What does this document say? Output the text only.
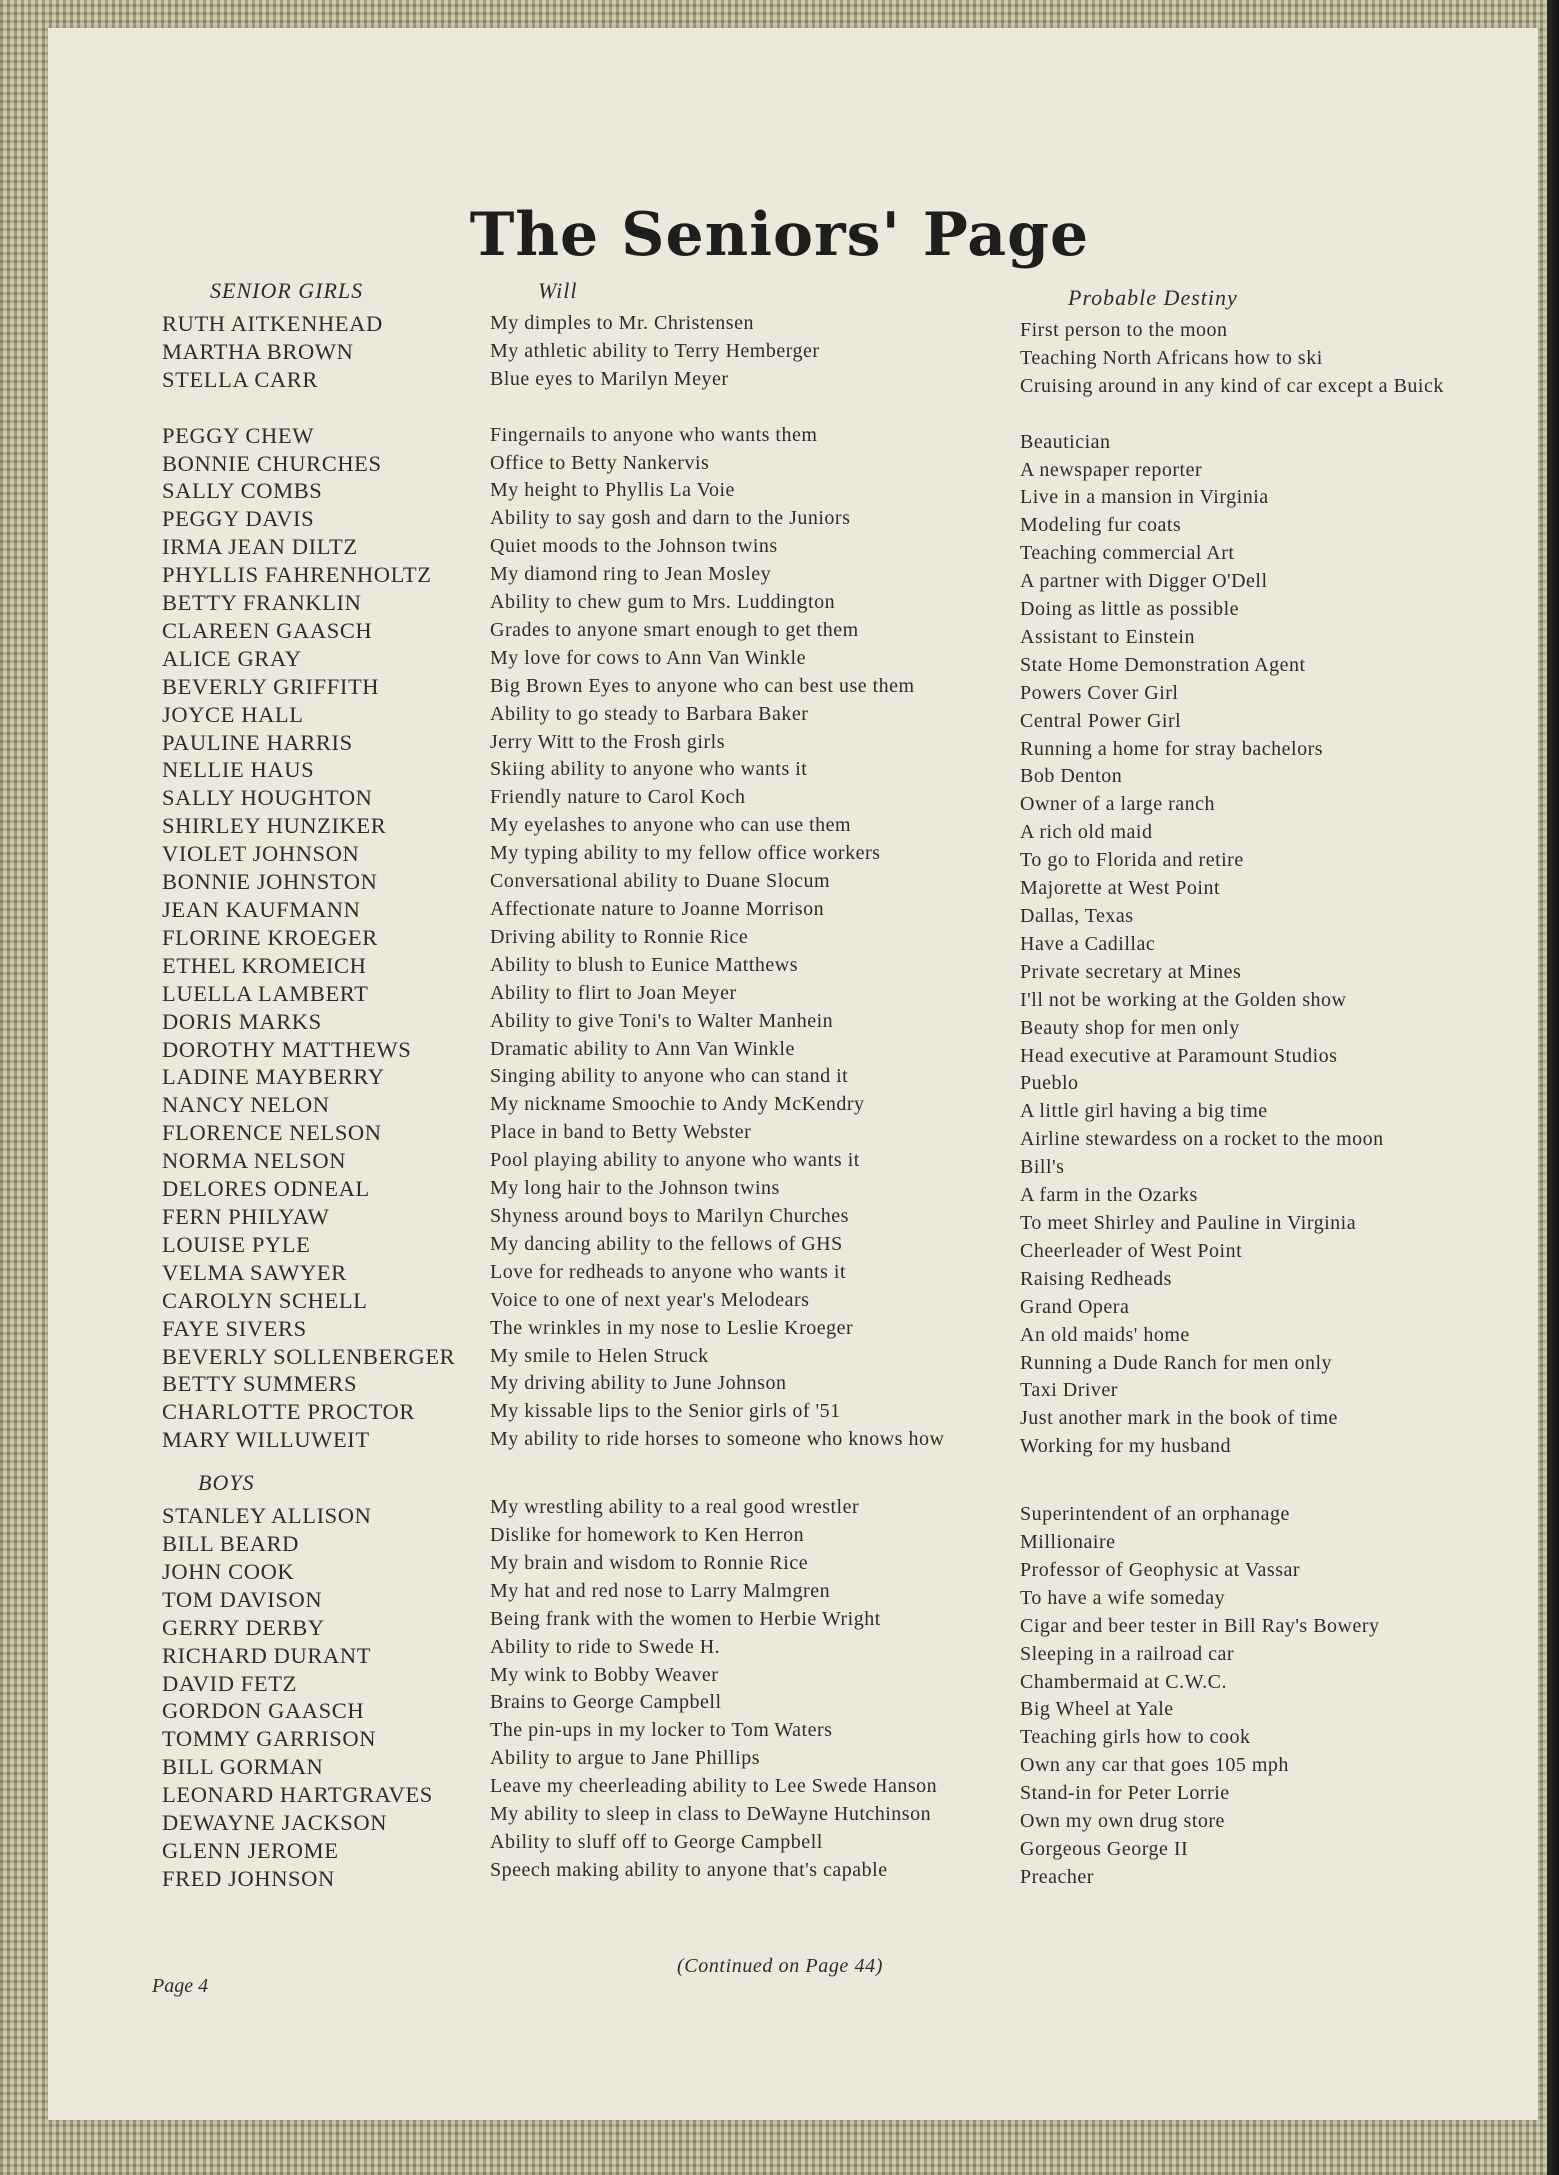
The Seniors' Page
SENIOR GIRLS
RUTH AITKENHEAD
MARTHA BROWN
STELLA CARR
PEGGY CHEW
BONNIE CHURCHES
SALLY COMBS
PEGGY DAVIS
IRMA JEAN DILTZ
PHYLLIS FAHRENHOLTZ
BETTY FRANKLIN
CLAREEN GAASCH
ALICE GRAY
BEVERLY GRIFFITH
JOYCE HALL
PAULINE HARRIS
NELLIE HAUS
SALLY HOUGHTON
SHIRLEY HUNZIKER
VIOLET JOHNSON
BONNIE JOHNSTON
JEAN KAUFMANN
FLORINE KROEGER
ETHEL KROMEICH
LUELLA LAMBERT
DORIS MARKS
DOROTHY MATTHEWS
LADINE MAYBERRY
NANCY NELON
FLORENCE NELSON
NORMA NELSON
DELORES ODNEAL
FERN PHILYAW
LOUISE PYLE
VELMA SAWYER
CAROLYN SCHELL
FAYE SIVERS
BEVERLY SOLLENBERGER
BETTY SUMMERS
CHARLOTTE PROCTOR
MARY WILLUWEIT
BOYS
STANLEY ALLISON
BILL BEARD
JOHN COOK
TOM DAVISON
GERRY DERBY
RICHARD DURANT
DAVID FETZ
GORDON GAASCH
TOMMY GARRISON
BILL GORMAN
LEONARD HARTGRAVES
DEWAYNE JACKSON
GLENN JEROME
FRED JOHNSON
Will
My dimples to Mr. Christensen
My athletic ability to Terry Hemberger
Blue eyes to Marilyn Meyer
Fingernails to anyone who wants them
Office to Betty Nankervis
My height to Phyllis La Voie
Ability to say gosh and darn to the Juniors
Quiet moods to the Johnson twins
My diamond ring to Jean Mosley
Ability to chew gum to Mrs. Luddington
Grades to anyone smart enough to get them
My love for cows to Ann Van Winkle
Big Brown Eyes to anyone who can best use them
Ability to go steady to Barbara Baker
Jerry Witt to the Frosh girls
Skiing ability to anyone who wants it
Friendly nature to Carol Koch
My eyelashes to anyone who can use them
My typing ability to my fellow office workers
Conversational ability to Duane Slocum
Affectionate nature to Joanne Morrison
Driving ability to Ronnie Rice
Ability to blush to Eunice Matthews
Ability to flirt to Joan Meyer
Ability to give Toni's to Walter Manhein
Dramatic ability to Ann Van Winkle
Singing ability to anyone who can stand it
My nickname Smoochie to Andy McKendry
Place in band to Betty Webster
Pool playing ability to anyone who wants it
My long hair to the Johnson twins
Shyness around boys to Marilyn Churches
My dancing ability to the fellows of GHS
Love for redheads to anyone who wants it
Voice to one of next year's Melodears
The wrinkles in my nose to Leslie Kroeger
My smile to Helen Struck
My driving ability to June Johnson
My kissable lips to the Senior girls of '51
My ability to ride horses to someone who knows how
My wrestling ability to a real good wrestler
Dislike for homework to Ken Herron
My brain and wisdom to Ronnie Rice
My hat and red nose to Larry Malmgren
Being frank with the women to Herbie Wright
Ability to ride to Swede H.
My wink to Bobby Weaver
Brains to George Campbell
The pin-ups in my locker to Tom Waters
Ability to argue to Jane Phillips
Leave my cheerleading ability to Lee Swede Hanson
My ability to sleep in class to DeWayne Hutchinson
Ability to sluff off to George Campbell
Speech making ability to anyone that's capable
Probable Destiny
First person to the moon
Teaching North Africans how to ski
Cruising around in any kind of car except a Buick
Beautician
A newspaper reporter
Live in a mansion in Virginia
Modeling fur coats
Teaching commercial Art
A partner with Digger O'Dell
Doing as little as possible
Assistant to Einstein
State Home Demonstration Agent
Powers Cover Girl
Central Power Girl
Running a home for stray bachelors
Bob Denton
Owner of a large ranch
A rich old maid
To go to Florida and retire
Majorette at West Point
Dallas, Texas
Have a Cadillac
Private secretary at Mines
I'll not be working at the Golden show
Beauty shop for men only
Head executive at Paramount Studios
Pueblo
A little girl having a big time
Airline stewardess on a rocket to the moon
Bill's
A farm in the Ozarks
To meet Shirley and Pauline in Virginia
Cheerleader of West Point
Raising Redheads
Grand Opera
An old maids' home
Running a Dude Ranch for men only
Taxi Driver
Just another mark in the book of time
Working for my husband
Superintendent of an orphanage
Millionaire
Professor of Geophysic at Vassar
To have a wife someday
Cigar and beer tester in Bill Ray's Bowery
Sleeping in a railroad car
Chambermaid at C.W.C.
Big Wheel at Yale
Teaching girls how to cook
Own any car that goes 105 mph
Stand-in for Peter Lorrie
Own my own drug store
Gorgeous George II
Preacher
(Continued on Page 44)
Page 4
